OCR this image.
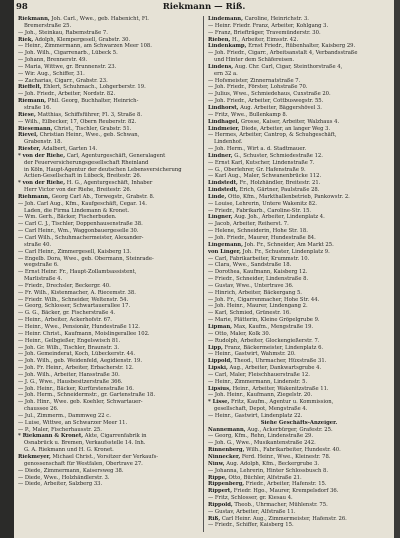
98	Riekmann — Riß.
Riekmann, Joh. Carl., Wwe., geb. Habenicht, Fl.
Bremerstraße 25.
— Joh., Steinkau, Rabemstraße 7.
Riek, Adolph, Klempergesell, Grabstr. 30.
— Heinr., Zimmermann, am Schwarzen Meer 108.
— Joh. Wilh., Cigarrenarb., Lübeck 5.
— Johann, Brennerstr. 49.
— Maria, Wittwe, gr. Brunnenstr. 23.
— Wir. Aug., Schiffer, 31.
— Zacharias, Cigarr., Grabstr. 23.
Rieffelt, Ehlert, Schuhmach., Lohgerberstr. 19.
— Joh. Friedr., Arbeiter, Nordstr. 82.
Riemann, Phil. Georg, Buchhalter, Heinrich-
straße 16.
Riese, Matthias, Schiffsführer, Fl. 3, Straße 8.
— Wilh., Eilbecker, 17, Obern Reuberstr. 82.
Riesemann, Christ., Tischler, Grabstr. 51.
Rievel, Christian Heinr., Wwe., geb. Schwan,
Grabenstr. 18.
Riester, Adalbert, Garten 14.
* von der Riehe, Carl, Agenturgeschäft, Generalagent
der Feuerversicherungsgesellschaft Rheinland
in Köln, Haupt-Agentur der deutschen Lebensversicherung
Actien-Gesellschaft in Lübeck, Breitestr. 26.
* von der Riehe, H. G., Agenturgeschäft, Inhaber
Herr Victor von der Riehe, Breitestr. 26.
Riehmann, Georg Carl Ab., Torwegstr., Grabstr. 8.
— Joh. Carl Aug., Kfm., Kaufgeschäft, Cegar. 14.
Laden, die Firma Lindemann & Kronet.
— Wm. Gerh., Bäcker, Fischerbuden.
— Carl C. J., Tischler, Doppenhausenstraße 38.
— Carl Heinr., Wm., Waggonbauergeselle 30.
— Carl Wilh., Schuhmachermeister, Alexander-
straße 40.
— Carl Heinr., Zimmergesell, Kaisberg 13.
— Engelb. Dora, Wwe., geb. Obermann, Steinrade-
wegstraße 6.
— Ernst Heinr. Fr., Haupt-Zollamtsassistent,
Marlistraße 4.
— Friedr., Drechsler, Beckergr. 40.
— Fr. Wilh., Kistenmacher, A. Riecemstr. 38.
— Friedr. Wilh., Schneider, Weltenstr. 54.
— Georg, Schlosser, Schwartauerallee 17.
— G. G., Bäcker, gr. Fischerstraße 4.
— Heinr., Arbeiter, Ackerhofstr. 67.
— Heinr., Wwe., Pensionär, Hundestraße 112.
— Heinr. Christ., Kaufmann, Moislingerallee 102.
— Heinr., Gelbgießer, Engelswisch 81.
— Joh. Gr. Wilh., Tischler, Braunstr. 3.
— Joh. Gemeinderat, Koch, Lübeckerstr. 44.
— Joh. Wilh., geb. Weidenfeld, Aegidienstr. 19.
— Joh. Fr. Heinr., Arbeiter, Erbacherstr. 12.
— Joh. Wilh., Arbeiter, Hansstraße 30.
— J. G., Wwe., Hausbesitzerstraße 366.
— Joh. Heinr., Bäcker, Kurfürstenstraße 16.
— Joh. Herm., Schneidermstr., gr. Gartenstraße 18.
— Joh. Hinr., Wwe. geb. Koehler, Schwartauer-
chaussee 26.
— Jul., Zimmerm., Dammweg 22 c.
— Luise, Wittwe, an Schwarzer Meer 11.
— P., Maler, Fischerhausstr. 25.
* Riekmann & Kronet, Akte, Cigarrenfabrik in
Osnabrück u. Bremen, Verkaufsstelle 14. Inh.
G. A. Riekmann und H. G. Kronet.
Riekmeyer, Michael Christ., Vorsitzer der Verkaufs-
genossenschaft für Westfalen, Obertrave 27.
— Diede, Zimmermann, Kaisersweg 38.
— Diede, Wwe., Holzhändlerstr. 3.
— Diede, Arbeiter, Salzberg 33.
Lindemann, Caroline, Heinrichstr. 3.
— Heinr. Friedr. Franz, Arbeiter, Kohlgang 3.
— Franz, Briefträger, Travemünderstr. 30.
Rieben, H., Arbeiter, Eimsstr. 42.
Lindenkamp, Ernst Friedr., Rübenhalter, Kaisberg 29.
— Joh. Friedr., Cigarr., Arbeitsanstalt 4, Verbandsstraße
und Hinter dem Schäfereisen.
Lindens, Aug. Chr. Carl, Cigar, Steinthorstraße 4,
ern 32 a.
— Hofsmeister, Zinnernatstraße 7.
— Joh. Friedr., Förster, Lohstraße 70.
— Julius, Wwe., Schmiedehaus, Cuxstraße 20.
— Joh. Friedr., Arbeiter, Cottbuswegstr. 55.
Lindhorst, Aug. Arbeiter, Bäggershövel 3.
— Fritz, Wwe., Bullenkamp 8.
Lindhagel, Grosse, Kaiser, Arbeiter, Walzhaus 4.
Lindmeier, Diede, Arbeiter, an langer Weg 3.
— Hermes, Arbeiter, Cantrop, & Schuhgeschäft,
Lindenhof.
— Joh. Herm., Wirt a. d. Stadtmauer.
Lindner, G., Schuster, Schmiedestraße 12.
— Ernst Karl, Kutscher, Lindenstraße 7.
— G., Oberlehrer, Gr. Hafenstraße 9.
— Karl Aug., Maler, Schwanenbrücke 112.
Lindstedt, Fr., Holzhändler, Breitestr. 21.
Lindstedt, Erich, Gärtner, Paulstraße 28.
Linde, Otto, Kfm., Markthallenbetrieb, Pankowstr. 2.
— Louise, Lehrerin, Untere Wakenitz 82.
— Friedr., Fabrikarb., Caroline-Str. 15.
Lingner, Aug. Joh., Arbeiter, Lindenplatz 4.
— Jacob, Arbeiter, Reiherst. 7.
— Helene, Schneiderin, Hohe Str. 18.
— Joh. Friedr., Maurer, Hundestraße 84.
Lingemann, Joh. Fr., Schneider, Am Markt 25.
von Linger, Joh. Fr., Schuster, Lindenplatz 9.
— Carl, Fabrikarbeiter, Krummstr. 10.
— Clara, Wwe., Sandstraße 18.
— Dorothea, Kaufmann, Kaisberg 12.
— Friedr., Schneider, Lindenstraße 8.
— Gustav, Wwe., Untertrave 36.
— Hinrich, Arbeiter, Bäckergang 5.
— Joh. Fr., Cigarrenmacher, Hohe Str. 44.
— Joh. Heinr., Maurer, Lindengang 2.
— Karl, Schmied, Grünestr. 16.
— Marie, Plätterin, Kleine Gröpelgrube 9.
Lipman, Max, Kaufm., Mengstraße 19.
— Otto, Maler, Kolk 30.
— Rudolph, Arbeiter, Glockengießerstr. 7.
Lipp, Franz, Bäckermeister, Lindenplatz 6.
— Heinr., Gastwirt, Wahmstr. 20.
Lippold, Theod., Uhrmacher, Hüxstraße 31.
Lipski, Aug., Arbeiter, Dankwartsgrube 4.
— Carl, Maler, Fleischhauerstraße 12.
— Heinr., Zimmermann, Lindenstr. 5.
Lipsius, Heinr., Arbeiter, Wakenitzstraße 11.
— Joh. Heinr., Kaufmann, Ziegelstr. 20.
* Lisse, Fritz, Kaufm., Agentur u. Kommission,
gesellschaft, Depot, Mengstraße 4.
— Heinr., Gastwirt, Lindenplatz 22.
Siehe Geschäfts-Anzeiger.
Nannemann, Aug., Ackerbürger, Grafestr. 25.
— Georg, Kfm., Rehn, Lindenstraße 29.
— Joh. G., Wwe., Musikantenstraße 242.
Rinnenberg, Wilh., Fabrikarbeiter, Hundestr. 40.
Ninnecker, Ferd. Heinr., Wwe., Kleinestr. 78.
Ninw, Aug. Adolph, Kfm., Beckergrube 3.
— Johanna, Lehrerin, Hinter Schlossbusch 8.
Rippe, Otto, Büchler, Alfstraße 21.
Rippenberg, Friedr., Arbeiter, Hafenstr. 15.
Rippert, Friedr. Hgo., Maurer, Krempelsdorf 36.
— Fritz, Schlosser, gr. Kiesau 4.
Rippold, Theob., Uhrmacher, Mühlenstr. 75.
— Gustav, Arbeiter, Alfstraße 11.
Riß, Carl Heinr. Aug., Zimmermeister, Hafenstr. 26.
— Friedr., Schiffer, Kaisberg 15.
